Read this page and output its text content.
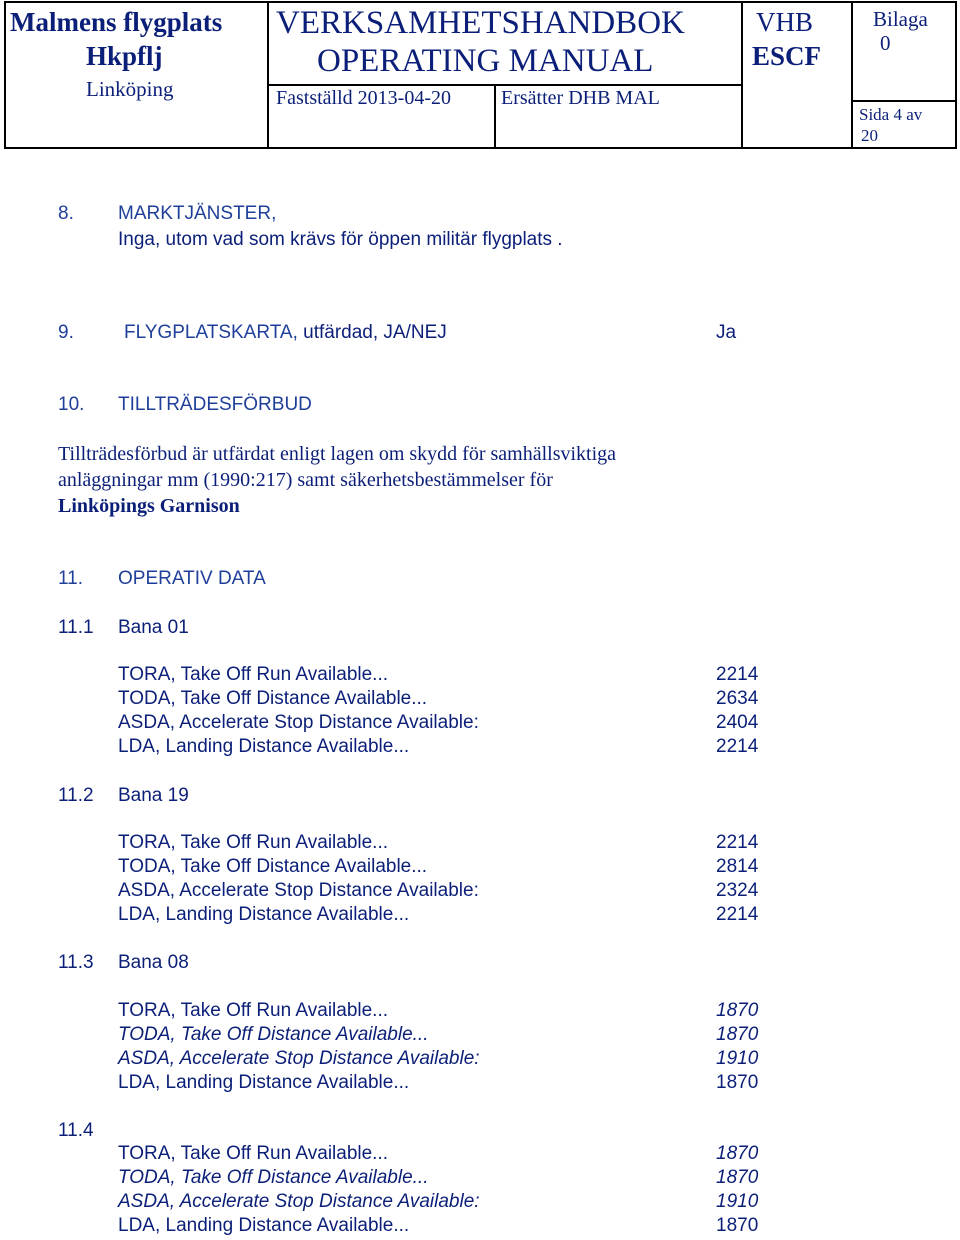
Malmens flygplats
Hkpflj
Linköping
VERKSAMHETSHANDBOK
OPERATING MANUAL
Fastställd 2013-04-20	Ersätter DHB MAL
VHB
ESCF
Bilaga
0
Sida 4 av
20
8. MARKTJÄNSTER,
Inga, utom vad som krävs för öppen militär flygplats .
9.	FLYGPLATSKARTA, utfärdad, JA/NEJ	Ja
10. TILLTRÄDESFÖRBUD
Tillträdesförbud är utfärdat enligt lagen om skydd för samhällsviktiga
anläggningar mm (1990:217) samt säkerhetsbestämmelser för
Linköpings Garnison
11. OPERATIV DATA
11.1 Bana 01
TORA, Take Off Run Available...	2214
TODA, Take Off Distance Available...	2634
ASDA, Accelerate Stop Distance Available:	2404
LDA, Landing Distance Available...	2214
11.2 Bana 19
TORA, Take Off Run Available...	2214
TODA, Take Off Distance Available...	2814
ASDA, Accelerate Stop Distance Available:	2324
LDA, Landing Distance Available...	2214
11.3 Bana 08
TORA, Take Off Run Available...	1870
TODA, Take Off Distance Available...	1870
ASDA, Accelerate Stop Distance Available:	1910
LDA, Landing Distance Available...	1870
11.4
TORA, Take Off Run Available...	1870
TODA, Take Off Distance Available...	1870
ASDA, Accelerate Stop Distance Available:	1910
LDA, Landing Distance Available...	1870
